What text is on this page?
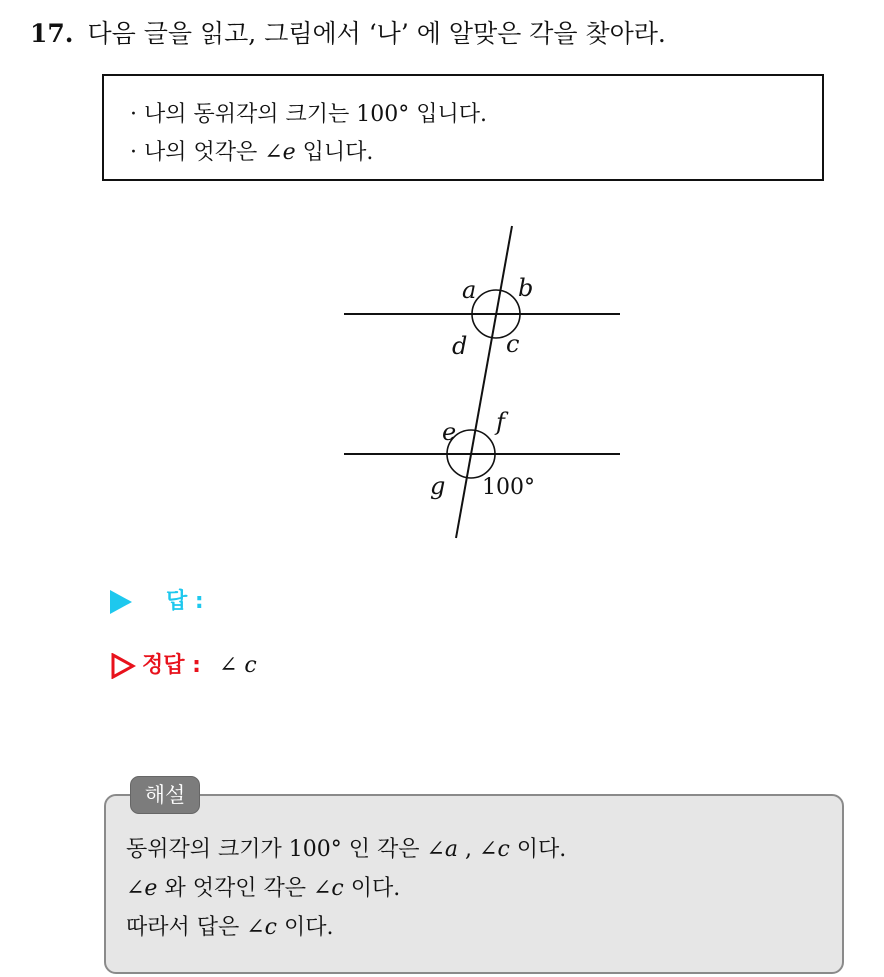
17. 다음 글을 읽고, 그림에서 ‘나’ 에 알맞은 각을 찾아라.
· 나의 동위각의 크기는 100° 입니다.
· 나의 엇각은 ∠e 입니다.
a b
d c
e f
g 100°
답 :
정답 : ∠ c
해설
동위각의 크기가 100° 인 각은 ∠a , ∠c 이다.
∠e 와 엇각인 각은 ∠c 이다.
따라서 답은 ∠c 이다.
